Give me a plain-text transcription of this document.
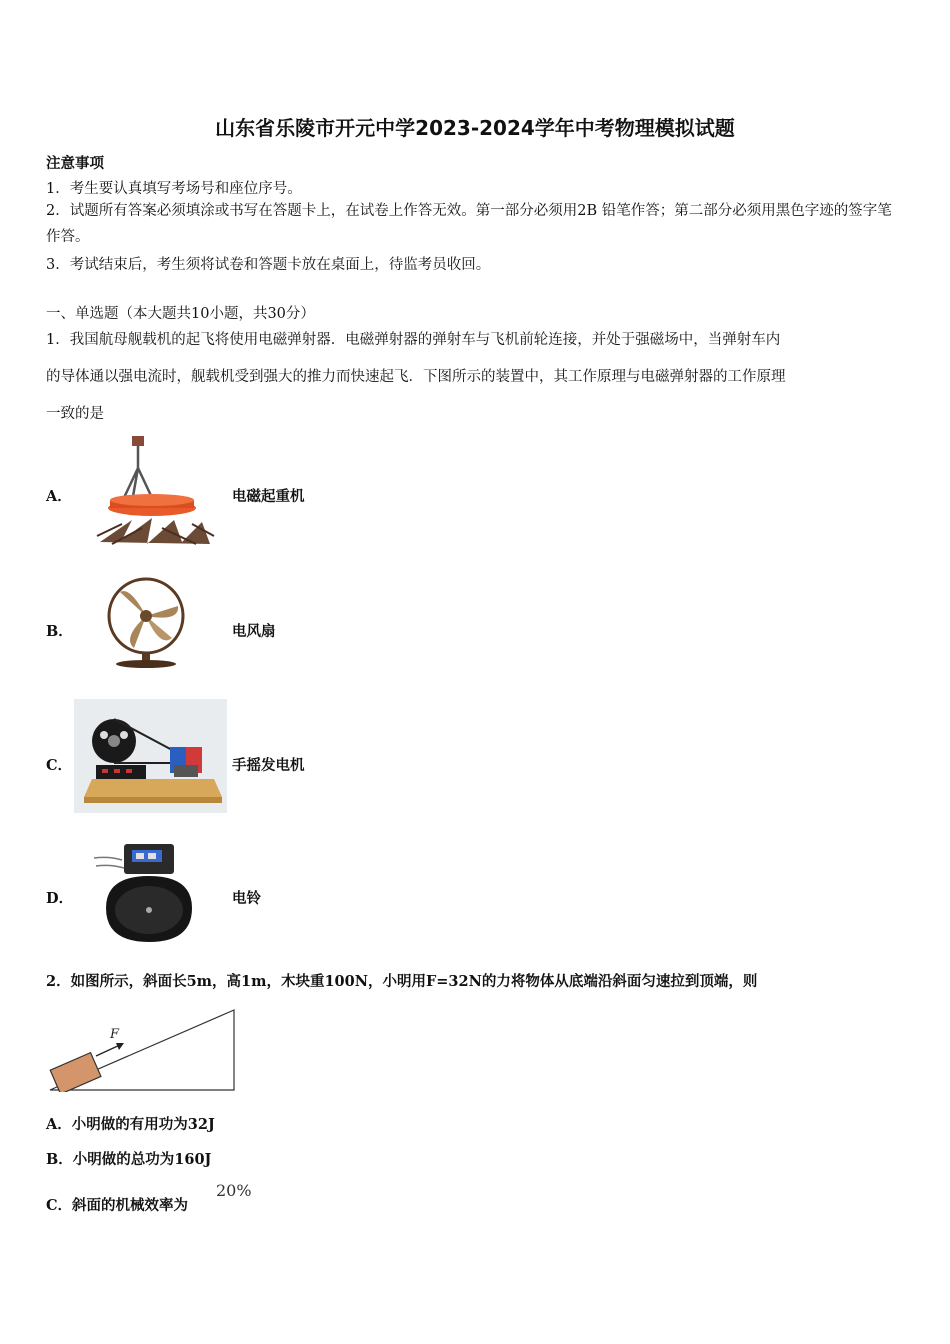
山东省乐陵市开元中学2023-2024学年中考物理模拟试题
注意事项
1．考生要认真填写考场号和座位序号。
2．试题所有答案必须填涂或书写在答题卡上，在试卷上作答无效。第一部分必须用2B 铅笔作答；第二部分必须用黑色字迹的签字笔作答。
3．考试结束后，考生须将试卷和答题卡放在桌面上，待监考员收回。
一、单选题（本大题共10小题，共30分）
1．我国航母舰载机的起飞将使用电磁弹射器．电磁弹射器的弹射车与飞机前轮连接，并处于强磁场中，当弹射车内
的导体通以强电流时，舰载机受到强大的推力而快速起飞．下图所示的装置中，其工作原理与电磁弹射器的工作原理
一致的是
A．	电磁起重机
B．	电风扇
C．	手摇发电机
D．	电铃
2．如图所示，斜面长5m，高1m，木块重100N，小明用F=32N的力将物体从底端沿斜面匀速拉到顶端，则
F
A．小明做的有用功为32J
B．小明做的总功为160J
C．斜面的机械效率为
20%
